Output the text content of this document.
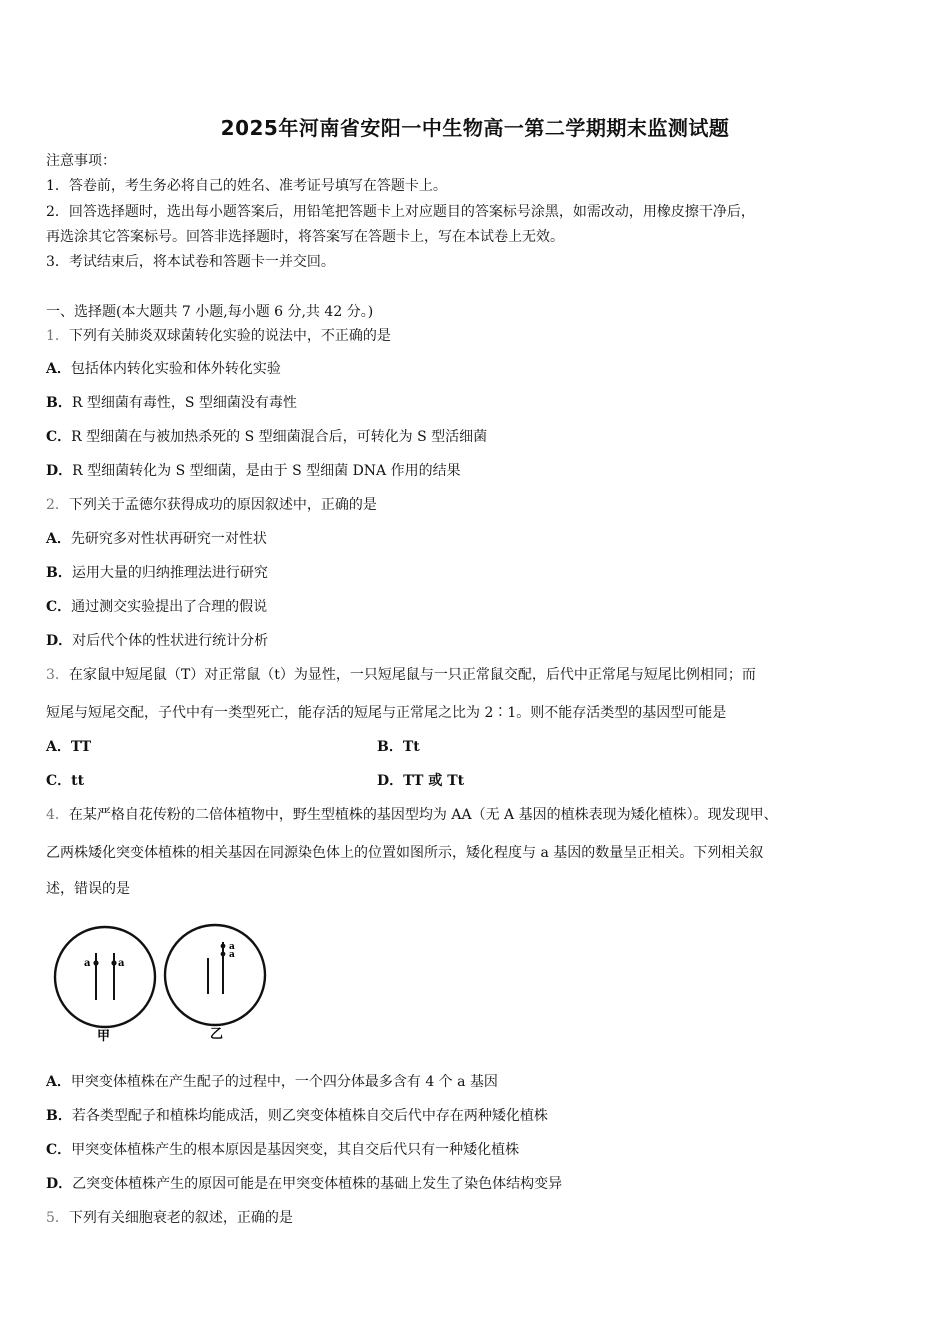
2025年河南省安阳一中生物高一第二学期期末监测试题
注意事项：
1．答卷前，考生务必将自己的姓名、准考证号填写在答题卡上。
2．回答选择题时，选出每小题答案后，用铅笔把答题卡上对应题目的答案标号涂黑，如需改动，用橡皮擦干净后，
再选涂其它答案标号。回答非选择题时，将答案写在答题卡上，写在本试卷上无效。
3．考试结束后，将本试卷和答题卡一并交回。
一、选择题(本大题共 7 小题,每小题 6 分,共 42 分。)
1．下列有关肺炎双球菌转化实验的说法中，不正确的是
A．包括体内转化实验和体外转化实验
B．R 型细菌有毒性，S 型细菌没有毒性
C．R 型细菌在与被加热杀死的 S 型细菌混合后，可转化为 S 型活细菌
D．R 型细菌转化为 S 型细菌，是由于 S 型细菌 DNA 作用的结果
2．下列关于孟德尔获得成功的原因叙述中，正确的是
A．先研究多对性状再研究一对性状
B．运用大量的归纳推理法进行研究
C．通过测交实验提出了合理的假说
D．对后代个体的性状进行统计分析
3．在家鼠中短尾鼠（T）对正常鼠（t）为显性，一只短尾鼠与一只正常鼠交配，后代中正常尾与短尾比例相同；而
短尾与短尾交配，子代中有一类型死亡，能存活的短尾与正常尾之比为 2∶1。则不能存活类型的基因型可能是
A．TT	B．Tt
C．tt	D．TT 或 Tt
4．在某严格自花传粉的二倍体植物中，野生型植株的基因型均为 AA（无 A 基因的植株表现为矮化植株）。现发现甲、
乙两株矮化突变体植株的相关基因在同源染色体上的位置如图所示，矮化程度与 a 基因的数量呈正相关。下列相关叙
述，错误的是
a	a
甲
a
a
乙
A．甲突变体植株在产生配子的过程中，一个四分体最多含有 4 个 a 基因
B．若各类型配子和植株均能成活，则乙突变体植株自交后代中存在两种矮化植株
C．甲突变体植株产生的根本原因是基因突变，其自交后代只有一种矮化植株
D．乙突变体植株产生的原因可能是在甲突变体植株的基础上发生了染色体结构变异
5．下列有关细胞衰老的叙述，正确的是
